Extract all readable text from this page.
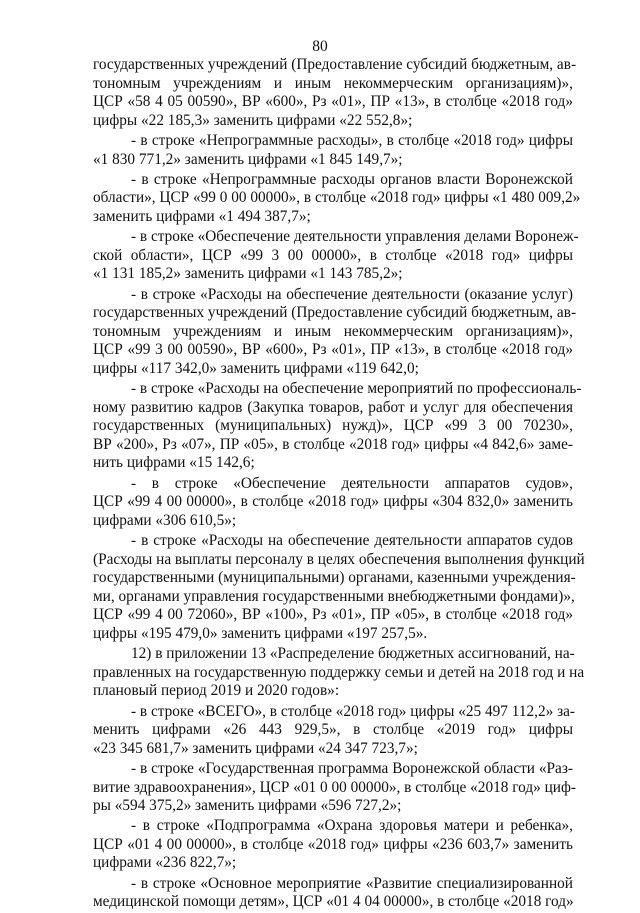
80

государственных учреждений (Предоставление субсидий бюджетным, ав-
тономным учреждениям и иным некоммерческим организациям)»,
ЦСР «58 4 05 00590», ВР «600», Рз «01», ПР «13», в столбце «2018 год»
цифры «22 185,3» заменить цифрами «22 552,8»;

- в строке «Непрограммные расходы», в столбце «2018 год» цифры
«1 830 771,2» заменить цифрами «1 845 149,7»;

- в строке «Непрограммные расходы органов власти Воронежской
области», ЦСР «99 0 00 00000», в столбце «2018 год» цифры «1 480 009,2»
заменить цифрами «1 494 387,7»;

- в строке «Обеспечение деятельности управления делами Воронеж-
ской области», ЦСР «99 3 00 00000», в столбце «2018 год» цифры
«1 131 185,2» заменить цифрами «1 143 785,2»;

- в строке «Расходы на обеспечение деятельности (оказание услуг)
государственных учреждений (Предоставление субсидий бюджетным, ав-
тономным учреждениям и иным некоммерческим организациям)»,
ЦСР «99 3 00 00590», ВР «600», Рз «01», ПР «13», в столбце «2018 год»
цифры «117 342,0» заменить цифрами «119 642,0;

- в строке «Расходы на обеспечение мероприятий по профессиональ-
ному развитию кадров (Закупка товаров, работ и услуг для обеспечения
государственных (муниципальных) нужд)», ЦСР «99 3 00 70230»,
ВР «200», Рз «07», ПР «05», в столбце «2018 год» цифры «4 842,6» заме-
нить цифрами «15 142,6;

- в строке «Обеспечение деятельности аппаратов судов»,
ЦСР «99 4 00 00000», в столбце «2018 год» цифры «304 832,0» заменить
цифрами «306 610,5»;

- в строке «Расходы на обеспечение деятельности аппаратов судов
(Расходы на выплаты персоналу в целях обеспечения выполнения функций
государственными (муниципальными) органами, казенными учреждения-
ми, органами управления государственными внебюджетными фондами)»,
ЦСР «99 4 00 72060», ВР «100», Рз «01», ПР «05», в столбце «2018 год»
цифры «195 479,0» заменить цифрами «197 257,5».

12) в приложении 13 «Распределение бюджетных ассигнований, на-
правленных на государственную поддержку семьи и детей на 2018 год и на
плановый период 2019 и 2020 годов»:

- в строке «ВСЕГО», в столбце «2018 год» цифры «25 497 112,2» за-
менить цифрами «26 443 929,5», в столбце «2019 год» цифры
«23 345 681,7» заменить цифрами «24 347 723,7»;

- в строке «Государственная программа Воронежской области «Раз-
витие здравоохранения», ЦСР «01 0 00 00000», в столбце «2018 год» циф-
ры «594 375,2» заменить цифрами «596 727,2»;

- в строке «Подпрограмма «Охрана здоровья матери и ребенка»,
ЦСР «01 4 00 00000», в столбце «2018 год» цифры «236 603,7» заменить
цифрами «236 822,7»;

- в строке «Основное мероприятие «Развитие специализированной
медицинской помощи детям», ЦСР «01 4 04 00000», в столбце «2018 год»
